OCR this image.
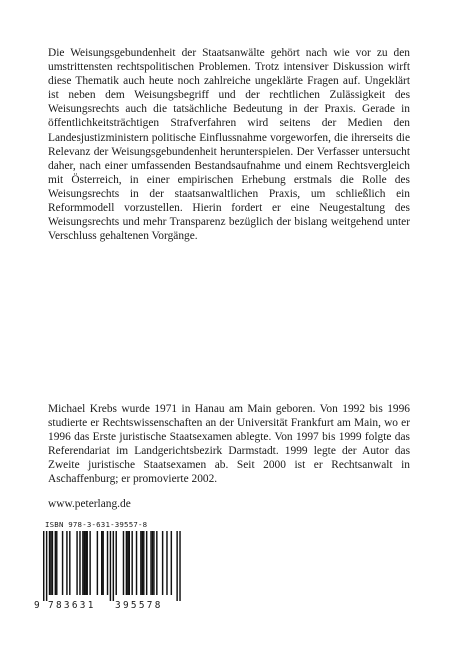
Die Weisungsgebundenheit der Staatsanwälte gehört nach wie vor zu den umstrittensten rechtspolitischen Problemen. Trotz intensiver Diskussion wirft diese Thematik auch heute noch zahlreiche ungeklärte Fragen auf. Ungeklärt ist neben dem Weisungsbegriff und der rechtlichen Zulässigkeit des Weisungsrechts auch die tatsächliche Bedeutung in der Praxis. Gerade in öffentlichkeitsträchtigen Strafverfahren wird seitens der Medien den Landesjustizministern politische Einflussnahme vorgeworfen, die ihrerseits die Relevanz der Weisungsgebundenheit herunterspielen. Der Verfasser untersucht daher, nach einer umfassenden Bestandsaufnahme und einem Rechtsvergleich mit Österreich, in einer empirischen Erhebung erstmals die Rolle des Weisungsrechts in der staatsanwaltlichen Praxis, um schließlich ein Reformmodell vorzustellen. Hierin fordert er eine Neugestaltung des Weisungsrechts und mehr Transparenz bezüglich der bislang weitgehend unter Verschluss gehaltenen Vorgänge.

Michael Krebs wurde 1971 in Hanau am Main geboren. Von 1992 bis 1996 studierte er Rechtswissenschaften an der Universität Frankfurt am Main, wo er 1996 das Erste juristische Staatsexamen ablegte. Von 1997 bis 1999 folgte das Referendariat im Landgerichtsbezirk Darmstadt. 1999 legte der Autor das Zweite juristische Staatsexamen ab. Seit 2000 ist er Rechtsanwalt in Aschaffenburg; er promovierte 2002.

www.peterlang.de
ISBN 978-3-631-39557-8
9 783631 395578
